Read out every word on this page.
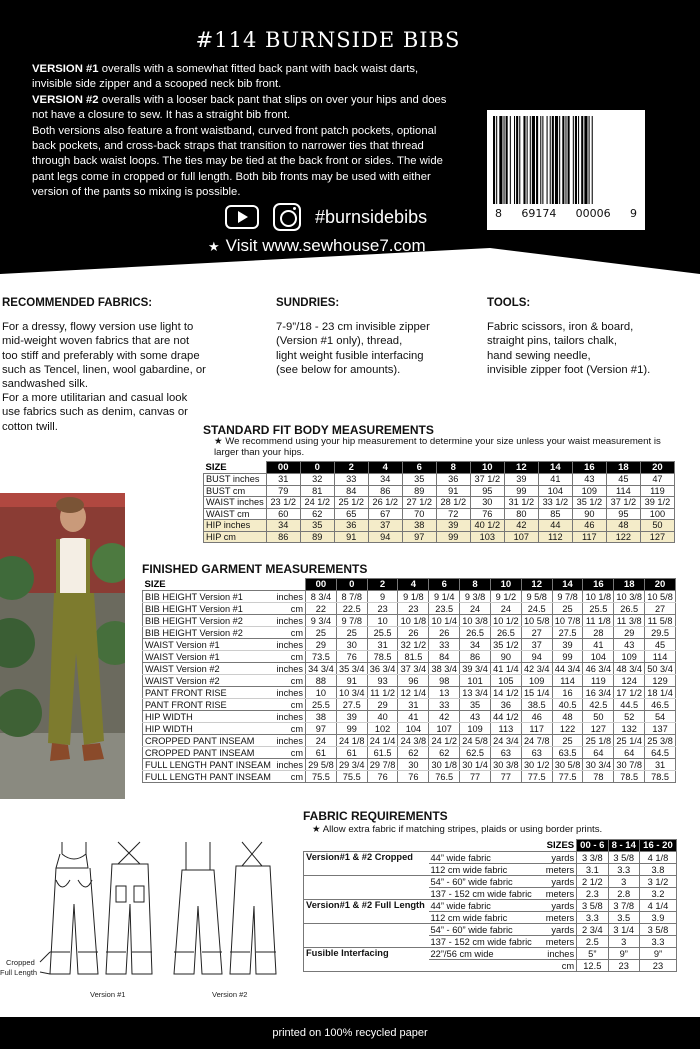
#114 BURNSIDE BIBS

VERSION #1 overalls with a somewhat fitted back pant with back waist darts, invisible side zipper and a scooped neck bib front.

VERSION #2 overalls with a looser back pant that slips on over your hips and does not have a closure to sew. It has a straight bib front.

Both versions also feature a front waistband, curved front patch pockets, optional back pockets, and cross-back straps that transition to narrower ties that thread through back waist loops. The ties may be tied at the back front or sides. The wide pant legs come in cropped or full length. Both bib fronts may be used with either version of the pants so mixing is possible.

8 69174 00006 9
#burnsidebibs
★ Visit www.sewhouse7.com
RECOMMENDED FABRICS:

For a dressy, flowy version use light to mid-weight woven fabrics that are not too stiff and preferably with some drape such as Tencel, linen, wool gabardine, or sandwashed silk.

For a more utilitarian and casual look use fabrics such as denim, canvas or cotton twill.

SUNDRIES:

7-9”/18 - 23 cm invisible zipper

(Version #1 only), thread,

light weight fusible interfacing

(see below for amounts).

TOOLS:

Fabric scissors, iron & board,

straight pins, tailors chalk,

hand sewing needle,

invisible zipper foot (Version #1).

STANDARD FIT BODY MEASUREMENTS
★ We recommend using your hip measurement to determine your size unless your waist measurement is larger than your hips.
SIZE	00	0	2	4	6	8	10	12	14	16	18	20
BUST inches	31	32	33	34	35	36	37 1/2	39	41	43	45	47
BUST cm	79	81	84	86	89	91	95	99	104	109	114	119
WAIST inches	23 1/2	24 1/2	25 1/2	26 1/2	27 1/2	28 1/2	30	31 1/2	33 1/2	35 1/2	37 1/2	39 1/2
WAIST cm	60	62	65	67	70	72	76	80	85	90	95	100
HIP inches	34	35	36	37	38	39	40 1/2	42	44	46	48	50
HIP cm	86	89	91	94	97	99	103	107	112	117	122	127
FINISHED GARMENT MEASUREMENTS
SIZE		00	0	2	4	6	8	10	12	14	16	18	20
BIB HEIGHT Version #1	inches	8 3/4	8 7/8	9	9 1/8	9 1/4	9 3/8	9 1/2	9 5/8	9 7/8	10 1/8	10 3/8	10 5/8
BIB HEIGHT Version #1	cm	22	22.5	23	23	23.5	24	24	24.5	25	25.5	26.5	27
BIB HEIGHT Version #2	inches	9 3/4	9 7/8	10	10 1/8	10 1/4	10 3/8	10 1/2	10 5/8	10 7/8	11 1/8	11 3/8	11 5/8
BIB HEIGHT Version #2	cm	25	25	25.5	26	26	26.5	26.5	27	27.5	28	29	29.5
WAIST Version #1	inches	29	30	31	32 1/2	33	34	35 1/2	37	39	41	43	45
WAIST Version #1	cm	73.5	76	78.5	81.5	84	86	90	94	99	104	109	114
WAIST Version #2	inches	34 3/4	35 3/4	36 3/4	37 3/4	38 3/4	39 3/4	41 1/4	42 3/4	44 3/4	46 3/4	48 3/4	50 3/4
WAIST Version #2	cm	88	91	93	96	98	101	105	109	114	119	124	129
PANT FRONT RISE	inches	10	10 3/4	11 1/2	12 1/4	13	13 3/4	14 1/2	15 1/4	16	16 3/4	17 1/2	18 1/4
PANT FRONT RISE	cm	25.5	27.5	29	31	33	35	36	38.5	40.5	42.5	44.5	46.5
HIP WIDTH	inches	38	39	40	41	42	43	44 1/2	46	48	50	52	54
HIP WIDTH	cm	97	99	102	104	107	109	113	117	122	127	132	137
CROPPED PANT INSEAM	inches	24	24 1/8	24 1/4	24 3/8	24 1/2	24 5/8	24 3/4	24 7/8	25	25 1/8	25 1/4	25 3/8
CROPPED PANT INSEAM	cm	61	61	61.5	62	62	62.5	63	63	63.5	64	64	64.5
FULL LENGTH PANT INSEAM	inches	29 5/8	29 3/4	29 7/8	30	30 1/8	30 1/4	30 3/8	30 1/2	30 5/8	30 3/4	30 7/8	31
FULL LENGTH PANT INSEAM	cm	75.5	75.5	76	76	76.5	77	77	77.5	77.5	78	78.5	78.5
Cropped
Full Length
Version #1	Version #2
FABRIC REQUIREMENTS
★ Allow extra fabric if matching stripes, plaids or using border prints.
		SIZES	00 - 6	8 - 14	16 - 20
Version#1 & #2 Cropped	44” wide fabric	yards	3 3/8	3 5/8	4 1/8
	112 cm wide fabric	meters	3.1	3.3	3.8
	54” - 60” wide fabric	yards	2 1/2	3	3 1/2
	137 - 152 cm wide fabric	meters	2.3	2.8	3.2
Version#1 & #2 Full Length	44” wide fabric	yards	3 5/8	3 7/8	4 1/4
	112 cm wide fabric	meters	3.3	3.5	3.9
	54” - 60” wide fabric	yards	2 3/4	3 1/4	3 5/8
	137 - 152 cm wide fabric	meters	2.5	3	3.3
Fusible Interfacing	22”/56 cm wide	inches	5”	9”	9”
		cm	12.5	23	23
printed on 100% recycled paper
